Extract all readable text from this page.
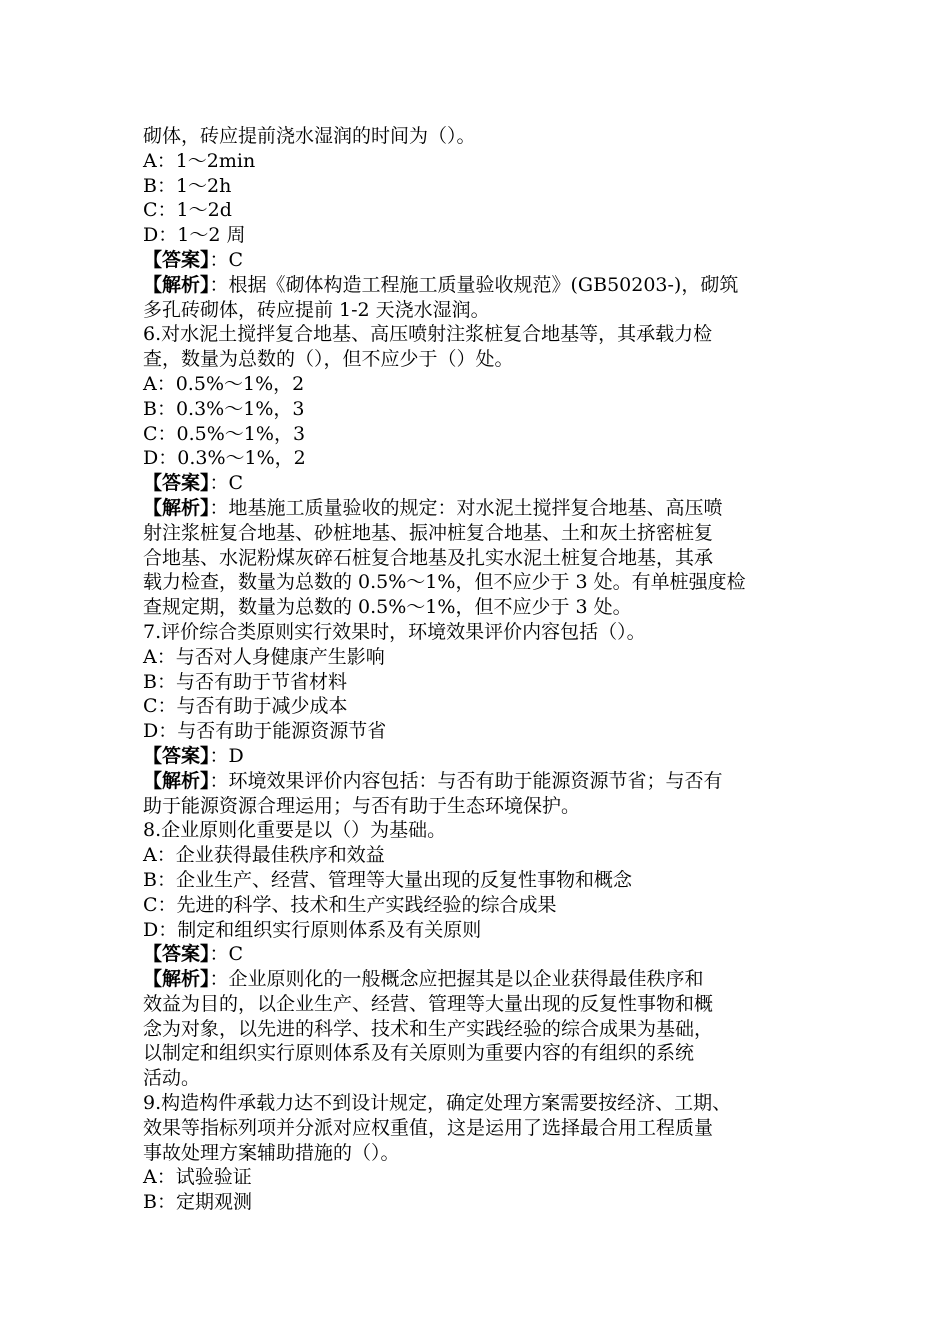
砌体，砖应提前浇水湿润的时间为（）。
A：1～2min
B：1～2h
C：1～2d
D：1～2 周
【答案】：C
【解析】：根据《砌体构造工程施工质量验收规范》(GB50203-)，砌筑
多孔砖砌体，砖应提前 1-2 天浇水湿润。
6.对水泥土搅拌复合地基、高压喷射注浆桩复合地基等，其承载力检
查，数量为总数的（），但不应少于（）处。
A：0.5%～1%，2
B：0.3%～1%，3
C：0.5%～1%，3
D：0.3%～1%，2
【答案】：C
【解析】：地基施工质量验收的规定：对水泥土搅拌复合地基、高压喷
射注浆桩复合地基、砂桩地基、振冲桩复合地基、土和灰土挤密桩复
合地基、水泥粉煤灰碎石桩复合地基及扎实水泥土桩复合地基，其承
载力检查，数量为总数的 0.5%～1%，但不应少于 3 处。有单桩强度检
查规定期，数量为总数的 0.5%～1%，但不应少于 3 处。
7.评价综合类原则实行效果时，环境效果评价内容包括（）。
A：与否对人身健康产生影响
B：与否有助于节省材料
C：与否有助于减少成本
D：与否有助于能源资源节省
【答案】：D
【解析】：环境效果评价内容包括：与否有助于能源资源节省；与否有
助于能源资源合理运用；与否有助于生态环境保护。
8.企业原则化重要是以（）为基础。
A：企业获得最佳秩序和效益
B：企业生产、经营、管理等大量出现的反复性事物和概念
C：先进的科学、技术和生产实践经验的综合成果
D：制定和组织实行原则体系及有关原则
【答案】：C
【解析】：企业原则化的一般概念应把握其是以企业获得最佳秩序和
效益为目的，以企业生产、经营、管理等大量出现的反复性事物和概
念为对象，以先进的科学、技术和生产实践经验的综合成果为基础，
以制定和组织实行原则体系及有关原则为重要内容的有组织的系统
活动。
9.构造构件承载力达不到设计规定，确定处理方案需要按经济、工期、
效果等指标列项并分派对应权重值，这是运用了选择最合用工程质量
事故处理方案辅助措施的（）。
A：试验验证
B：定期观测
